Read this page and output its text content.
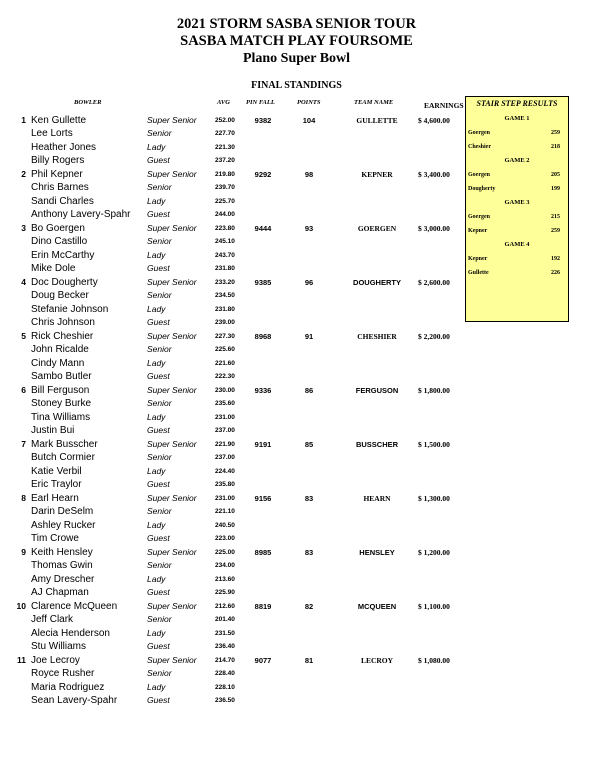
2021 STORM SASBA SENIOR TOUR
SASBA MATCH PLAY FOURSOME
Plano Super Bowl
FINAL STANDINGS
BOWLER	AVG PIN FALL	POINTS	TEAM NAME	EARNINGS
1 Ken Gullette	Super Senior	252.00	9382	104	GULLETTE	$ 4,600.00
Lee Lorts	Senior	227.70
Heather Jones	Lady	221.30
Billy Rogers	Guest	237.20
2 Phil Kepner	Super Senior	219.80	9292	98	KEPNER	$ 3,400.00
Chris Barnes	Senior	239.70
Sandi Charles	Lady	225.70
Anthony Lavery-Spahr Guest	244.00
3 Bo Goergen	Super Senior	223.80	9444	93	GOERGEN	$ 3,000.00
Dino Castillo	Senior	245.10
Erin McCarthy	Lady	243.70
Mike Dole	Guest	231.80
4 Doc Dougherty	Super Senior	233.20	9385	96	DOUGHERTY	$ 2,600.00
Doug Becker	Senior	234.50
Stefanie Johnson	Lady	231.80
Chris Johnson	Guest	239.00
5 Rick Cheshier	Super Senior	227.30	8968	91	CHESHIER	$ 2,200.00
John Ricalde	Senior	225.60
Cindy Mann	Lady	221.60
Sambo Butler	Guest	222.30
6 Bill Ferguson	Super Senior	230.00	9336	86	FERGUSON	$ 1,800.00
Stoney Burke	Senior	235.60
Tina Williams	Lady	231.00
Justin Bui	Guest	237.00
7 Mark Busscher	Super Senior	221.90	9191	85	BUSSCHER	$ 1,500.00
Butch Cormier	Senior	237.00
Katie Verbil	Lady	224.40
Eric Traylor	Guest	235.80
8 Earl Hearn	Super Senior	231.00	9156	83	HEARN	$ 1,300.00
Darin DeSelm	Senior	221.10
Ashley Rucker	Lady	240.50
Tim Crowe	Guest	223.00
9 Keith Hensley	Super Senior	225.00	8985	83	HENSLEY	$ 1,200.00
Thomas Gwin	Senior	234.00
Amy Drescher	Lady	213.60
AJ Chapman	Guest	225.90
10 Clarence McQueen	Super Senior	212.60	8819	82	MCQUEEN	$ 1,100.00
Jeff Clark	Senior	201.40
Alecia Henderson	Lady	231.50
Stu Williams	Guest	236.40
11 Joe Lecroy	Super Senior	214.70	9077	81	LECROY	$ 1,080.00
Royce Rusher	Senior	228.40
Maria Rodriguez	Lady	228.10
Sean Lavery-Spahr	Guest	236.50
STAIR STEP RESULTS
GAME 1
Goergen	259
Cheshier	218
GAME 2
Goergen	205
Dougherty	199
GAME 3
Goergen	215
Kepner	259
GAME 4
Kepner	192
Gullette	226
